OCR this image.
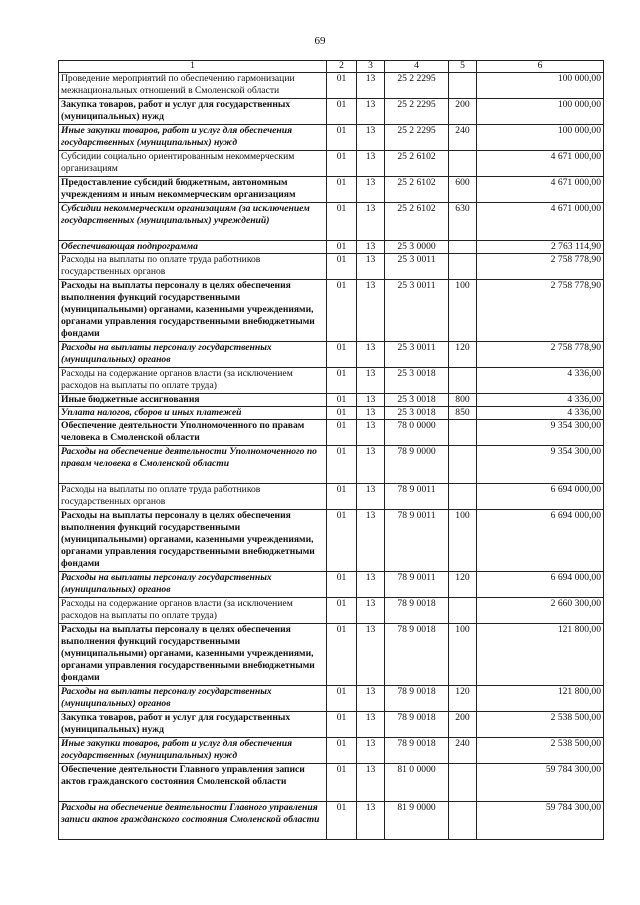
69
1	2	3	4	5	6
Проведение мероприятий по обеспечению гармонизации межнациональных отношений в Смоленской области	01	13	25 2 2295		100 000,00
Закупка товаров, работ и услуг для государственных (муниципальных) нужд	01	13	25 2 2295	200	100 000,00
Иные закупки товаров, работ и услуг для обеспечения государственных (муниципальных) нужд	01	13	25 2 2295	240	100 000,00
Субсидии социально ориентированным некоммерческим организациям	01	13	25 2 6102		4 671 000,00
Предоставление субсидий бюджетным, автономным учреждениям и иным некоммерческим организациям	01	13	25 2 6102	600	4 671 000,00
Субсидии некоммерческим организациям (за исключением государственных (муниципальных) учреждений)	01	13	25 2 6102	630	4 671 000,00
Обеспечивающая подпрограмма	01	13	25 3 0000		2 763 114,90
Расходы на выплаты по оплате труда работников государственных органов	01	13	25 3 0011		2 758 778,90
Расходы на выплаты персоналу в целях обеспечения выполнения функций государственными (муниципальными) органами, казенными учреждениями, органами управления государственными внебюджетными фондами	01	13	25 3 0011	100	2 758 778,90
Расходы на выплаты персоналу государственных (муниципальных) органов	01	13	25 3 0011	120	2 758 778,90
Расходы на содержание органов власти (за исключением расходов на выплаты по оплате труда)	01	13	25 3 0018		4 336,00
Иные бюджетные ассигнования	01	13	25 3 0018	800	4 336,00
Уплата налогов, сборов и иных платежей	01	13	25 3 0018	850	4 336,00
Обеспечение деятельности Уполномоченного по правам человека в Смоленской области	01	13	78 0 0000		9 354 300,00
Расходы на обеспечение деятельности Уполномоченного по правам человека в Смоленской области	01	13	78 9 0000		9 354 300,00
Расходы на выплаты по оплате труда работников государственных органов	01	13	78 9 0011		6 694 000,00
Расходы на выплаты персоналу в целях обеспечения выполнения функций государственными (муниципальными) органами, казенными учреждениями, органами управления государственными внебюджетными фондами	01	13	78 9 0011	100	6 694 000,00
Расходы на выплаты персоналу государственных (муниципальных) органов	01	13	78 9 0011	120	6 694 000,00
Расходы на содержание органов власти (за исключением расходов на выплаты по оплате труда)	01	13	78 9 0018		2 660 300,00
Расходы на выплаты персоналу в целях обеспечения выполнения функций государственными (муниципальными) органами, казенными учреждениями, органами управления государственными внебюджетными фондами	01	13	78 9 0018	100	121 800,00
Расходы на выплаты персоналу государственных (муниципальных) органов	01	13	78 9 0018	120	121 800,00
Закупка товаров, работ и услуг для государственных (муниципальных) нужд	01	13	78 9 0018	200	2 538 500,00
Иные закупки товаров, работ и услуг для обеспечения государственных (муниципальных) нужд	01	13	78 9 0018	240	2 538 500,00
Обеспечение деятельности Главного управления записи актов гражданского состояния Смоленской области	01	13	81 0 0000		59 784 300,00
Расходы на обеспечение деятельности Главного управления записи актов гражданского состояния Смоленской области	01	13	81 9 0000		59 784 300,00
